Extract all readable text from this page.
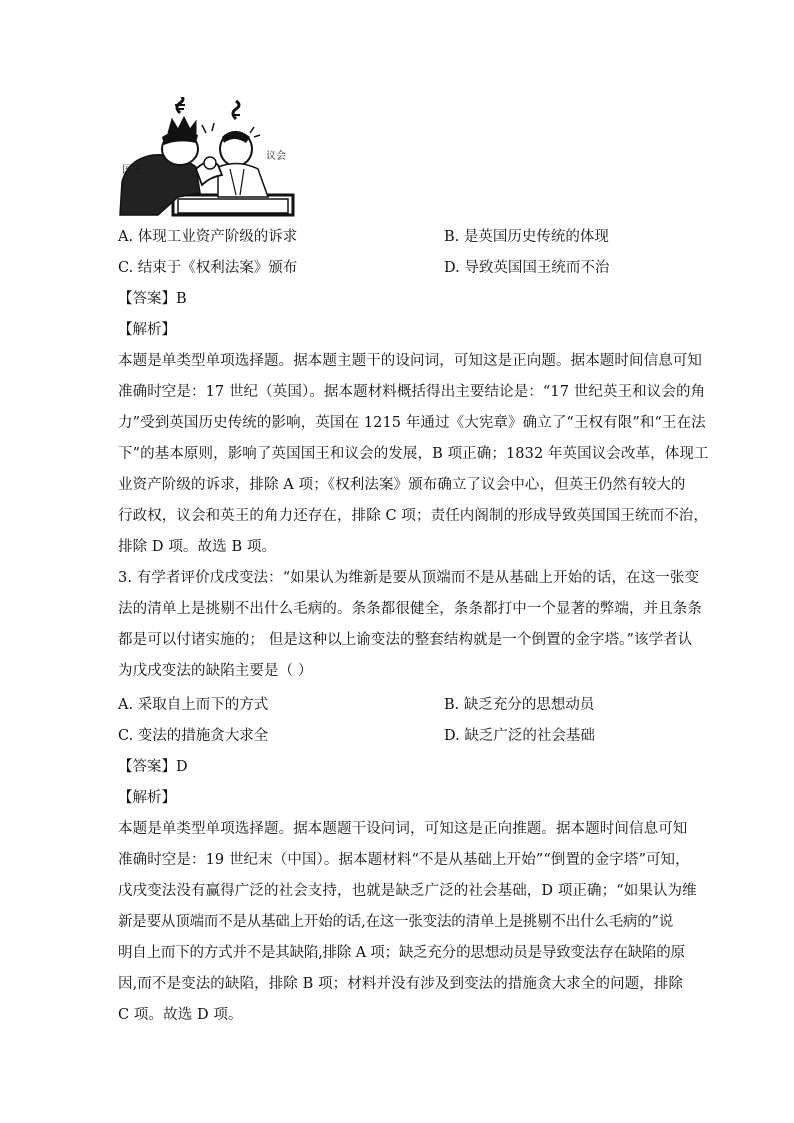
国王
议会
A. 体现工业资产阶级的诉求	B. 是英国历史传统的体现
C. 结束于《权利法案》颁布	D. 导致英国国王统而不治
【答案】B
【解析】
本题是单类型单项选择题。据本题主题干的设问词，可知这是正向题。据本题时间信息可知
准确时空是：17 世纪（英国）。据本题材料概括得出主要结论是：“17 世纪英王和议会的角
力”受到英国历史传统的影响，英国在 1215 年通过《大宪章》确立了“王权有限”和“王在法
下”的基本原则，影响了英国国王和议会的发展，B 项正确；1832 年英国议会改革，体现工
业资产阶级的诉求，排除 A 项；《权利法案》颁布确立了议会中心，但英王仍然有较大的
行政权，议会和英王的角力还存在，排除 C 项；责任内阁制的形成导致英国国王统而不治，
排除 D 项。故选 B 项。
3. 有学者评价戊戌变法：“如果认为维新是要从顶端而不是从基础上开始的话，在这一张变
法的清单上是挑剔不出什么毛病的。条条都很健全，条条都打中一个显著的弊端，并且条条
都是可以付诸实施的； 但是这种以上谕变法的整套结构就是一个倒置的金字塔。”该学者认
为戊戌变法的缺陷主要是（ ）
A. 采取自上而下的方式	B. 缺乏充分的思想动员
C. 变法的措施贪大求全	D. 缺乏广泛的社会基础
【答案】D
【解析】
本题是单类型单项选择题。据本题题干设问词，可知这是正向推题。据本题时间信息可知
准确时空是：19 世纪末（中国）。据本题材料“不是从基础上开始”“倒置的金字塔”可知，
戊戌变法没有赢得广泛的社会支持，也就是缺乏广泛的社会基础，D 项正确；“如果认为维
新是要从顶端而不是从基础上开始的话,在这一张变法的清单上是挑剔不出什么毛病的”说
明自上而下的方式并不是其缺陷,排除 A 项；缺乏充分的思想动员是导致变法存在缺陷的原
因,而不是变法的缺陷，排除 B 项；材料并没有涉及到变法的措施贪大求全的问题，排除
C 项。故选 D 项。
